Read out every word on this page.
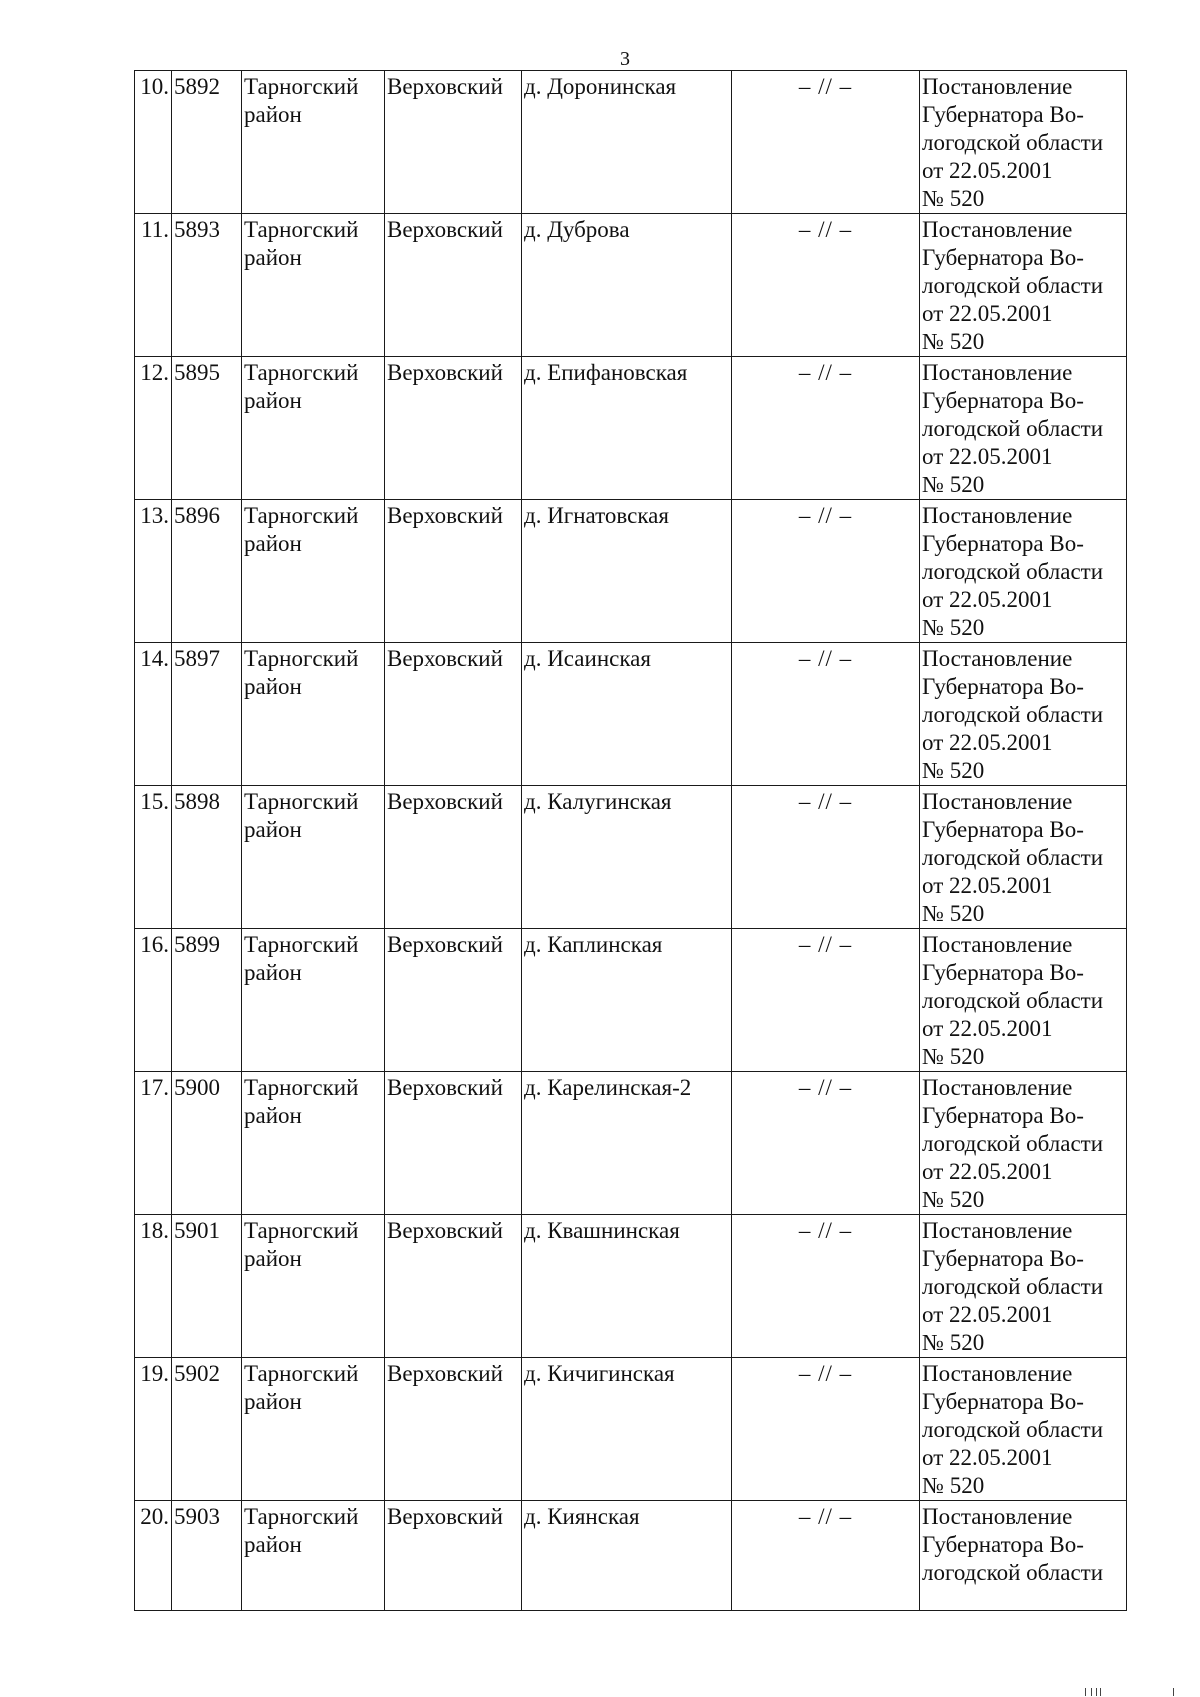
3
10.	5892	Тарногский район	Верховский	д. Доронинская	– // –	Постановление
Губернатора Во-
логодской области
от 22.05.2001
№ 520

11.	5893	Тарногский район	Верховский	д. Дуброва	– // –	Постановление
Губернатора Во-
логодской области
от 22.05.2001
№ 520

12.	5895	Тарногский район	Верховский	д. Епифановская	– // –	Постановление
Губернатора Во-
логодской области
от 22.05.2001
№ 520

13.	5896	Тарногский район	Верховский	д. Игнатовская	– // –	Постановление
Губернатора Во-
логодской области
от 22.05.2001
№ 520

14.	5897	Тарногский район	Верховский	д. Исаинская	– // –	Постановление
Губернатора Во-
логодской области
от 22.05.2001
№ 520

15.	5898	Тарногский район	Верховский	д. Калугинская	– // –	Постановление
Губернатора Во-
логодской области
от 22.05.2001
№ 520

16.	5899	Тарногский район	Верховский	д. Каплинская	– // –	Постановление
Губернатора Во-
логодской области
от 22.05.2001
№ 520

17.	5900	Тарногский район	Верховский	д. Карелинская-2	– // –	Постановление
Губернатора Во-
логодской области
от 22.05.2001
№ 520

18.	5901	Тарногский район	Верховский	д. Квашнинская	– // –	Постановление
Губернатора Во-
логодской области
от 22.05.2001
№ 520

19.	5902	Тарногский район	Верховский	д. Кичигинская	– // –	Постановление
Губернатора Во-
логодской области
от 22.05.2001
№ 520

20.	5903	Тарногский район	Верховский	д. Киянская	– // –	Постановление
Губернатора Во-
логодской области
